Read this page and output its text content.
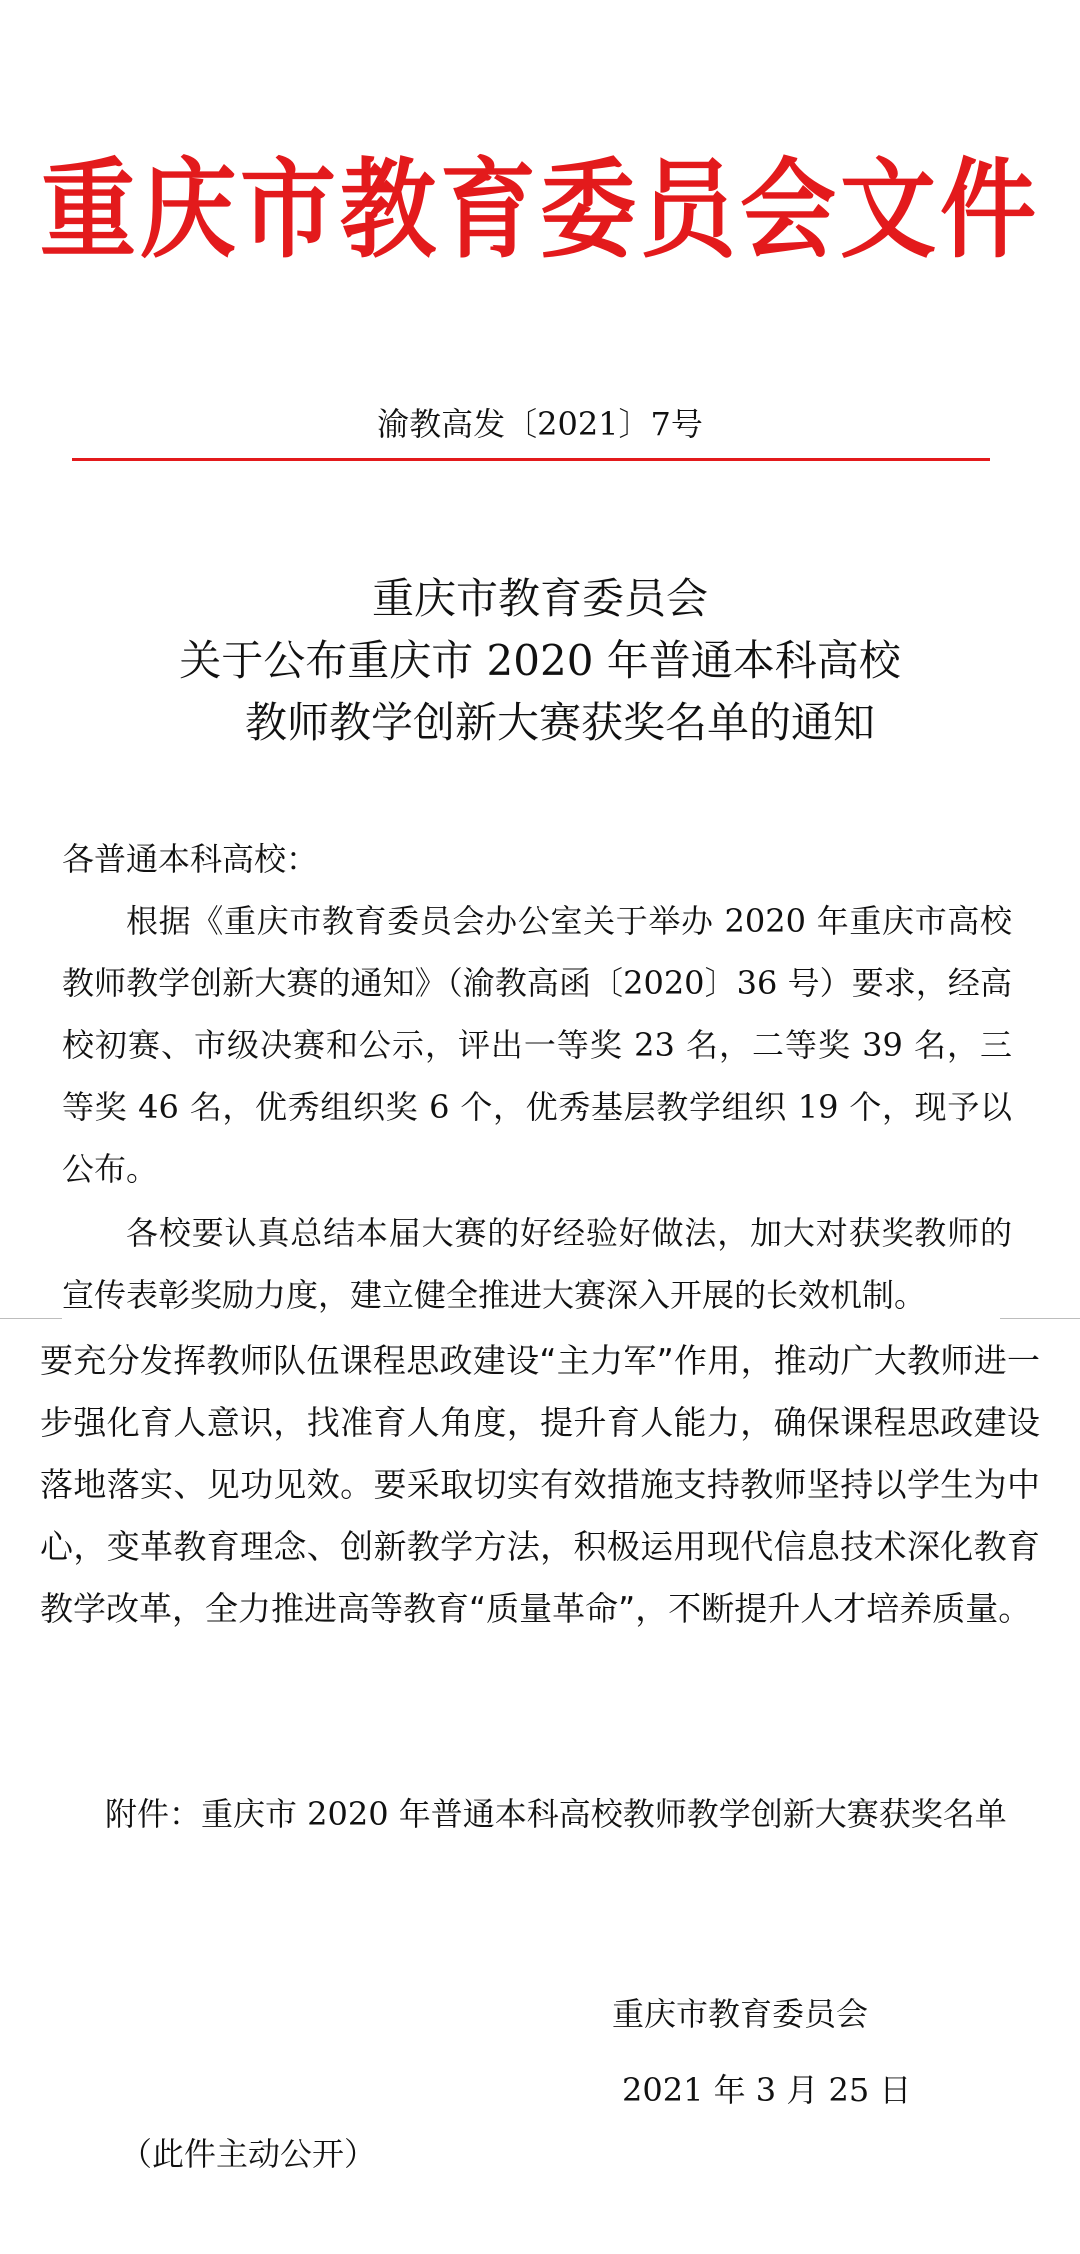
重庆市教育委员会文件
渝教高发〔2021〕7号
重庆市教育委员会
关于公布重庆市 2020 年普通本科高校
教师教学创新大赛获奖名单的通知
各普通本科高校：

根据《重庆市教育委员会办公室关于举办 2020 年重庆市高校教师教学创新大赛的通知》（渝教高函〔2020〕36 号）要求，经高校初赛、市级决赛和公示，评出一等奖 23 名，二等奖 39 名，三等奖 46 名，优秀组织奖 6 个，优秀基层教学组织 19 个，现予以公布。

各校要认真总结本届大赛的好经验好做法，加大对获奖教师的宣传表彰奖励力度，建立健全推进大赛深入开展的长效机制。

要充分发挥教师队伍课程思政建设“主力军”作用，推动广大教师进一步强化育人意识，找准育人角度，提升育人能力，确保课程思政建设落地落实、见功见效。要采取切实有效措施支持教师坚持以学生为中心，变革教育理念、创新教学方法，积极运用现代信息技术深化教育教学改革，全力推进高等教育“质量革命”，不断提升人才培养质量。
附件：重庆市 2020 年普通本科高校教师教学创新大赛获奖名单
重庆市教育委员会
2021 年 3 月 25 日
（此件主动公开）
